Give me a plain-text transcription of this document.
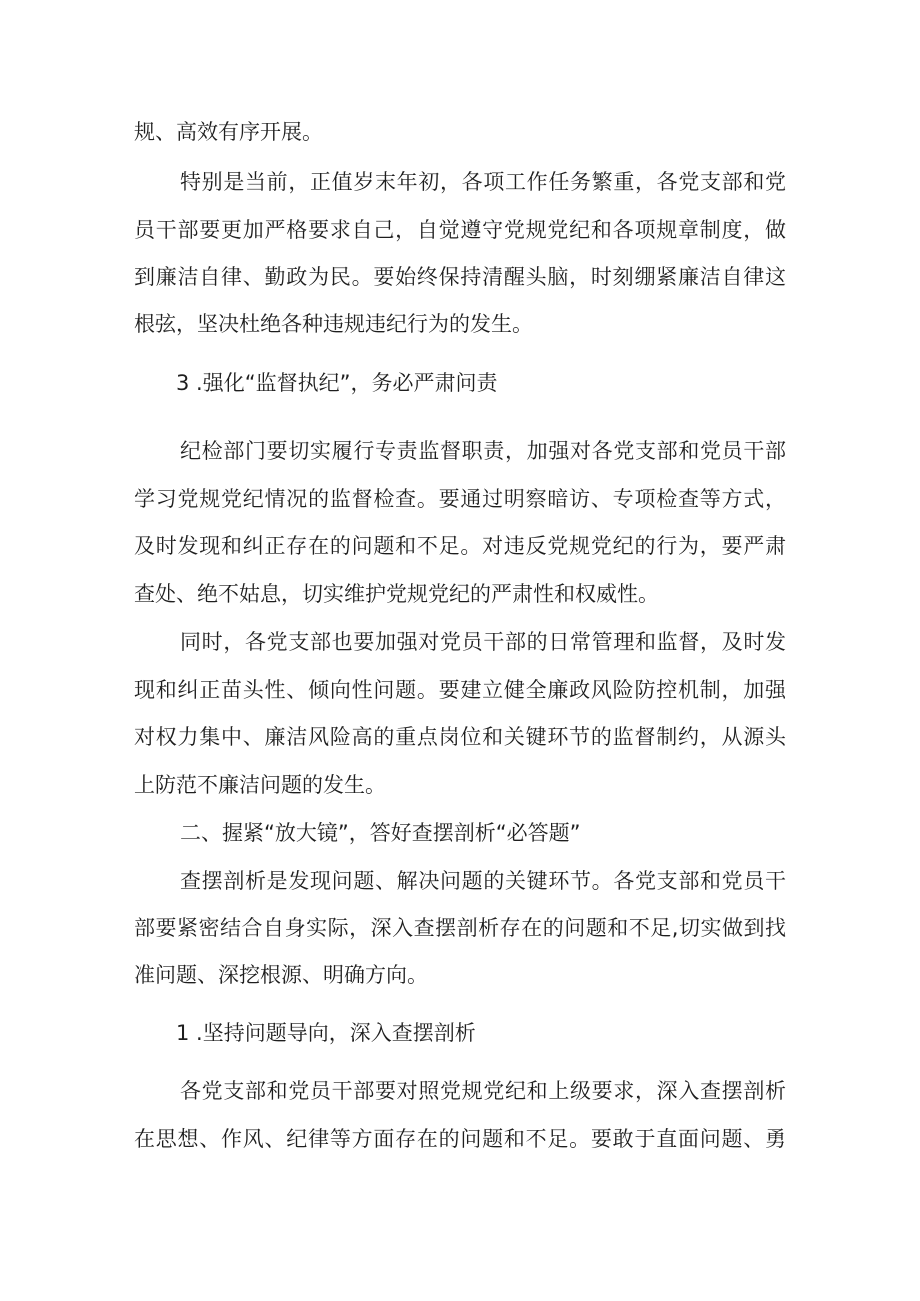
规、高效有序开展。
特别是当前，正值岁末年初，各项工作任务繁重，各党支部和党
员干部要更加严格要求自己，自觉遵守党规党纪和各项规章制度，做
到廉洁自律、勤政为民。要始终保持清醒头脑，时刻绷紧廉洁自律这
根弦，坚决杜绝各种违规违纪行为的发生。
3 .强化“监督执纪”，务必严肃问责
纪检部门要切实履行专责监督职责，加强对各党支部和党员干部
学习党规党纪情况的监督检查。要通过明察暗访、专项检查等方式，
及时发现和纠正存在的问题和不足。对违反党规党纪的行为，要严肃
查处、绝不姑息，切实维护党规党纪的严肃性和权威性。
同时，各党支部也要加强对党员干部的日常管理和监督，及时发
现和纠正苗头性、倾向性问题。要建立健全廉政风险防控机制，加强
对权力集中、廉洁风险高的重点岗位和关键环节的监督制约，从源头
上防范不廉洁问题的发生。
二、握紧“放大镜”，答好查摆剖析“必答题”
查摆剖析是发现问题、解决问题的关键环节。各党支部和党员干
部要紧密结合自身实际，深入查摆剖析存在的问题和不足,切实做到找
准问题、深挖根源、明确方向。
1 .坚持问题导向，深入查摆剖析
各党支部和党员干部要对照党规党纪和上级要求，深入查摆剖析
在思想、作风、纪律等方面存在的问题和不足。要敢于直面问题、勇
